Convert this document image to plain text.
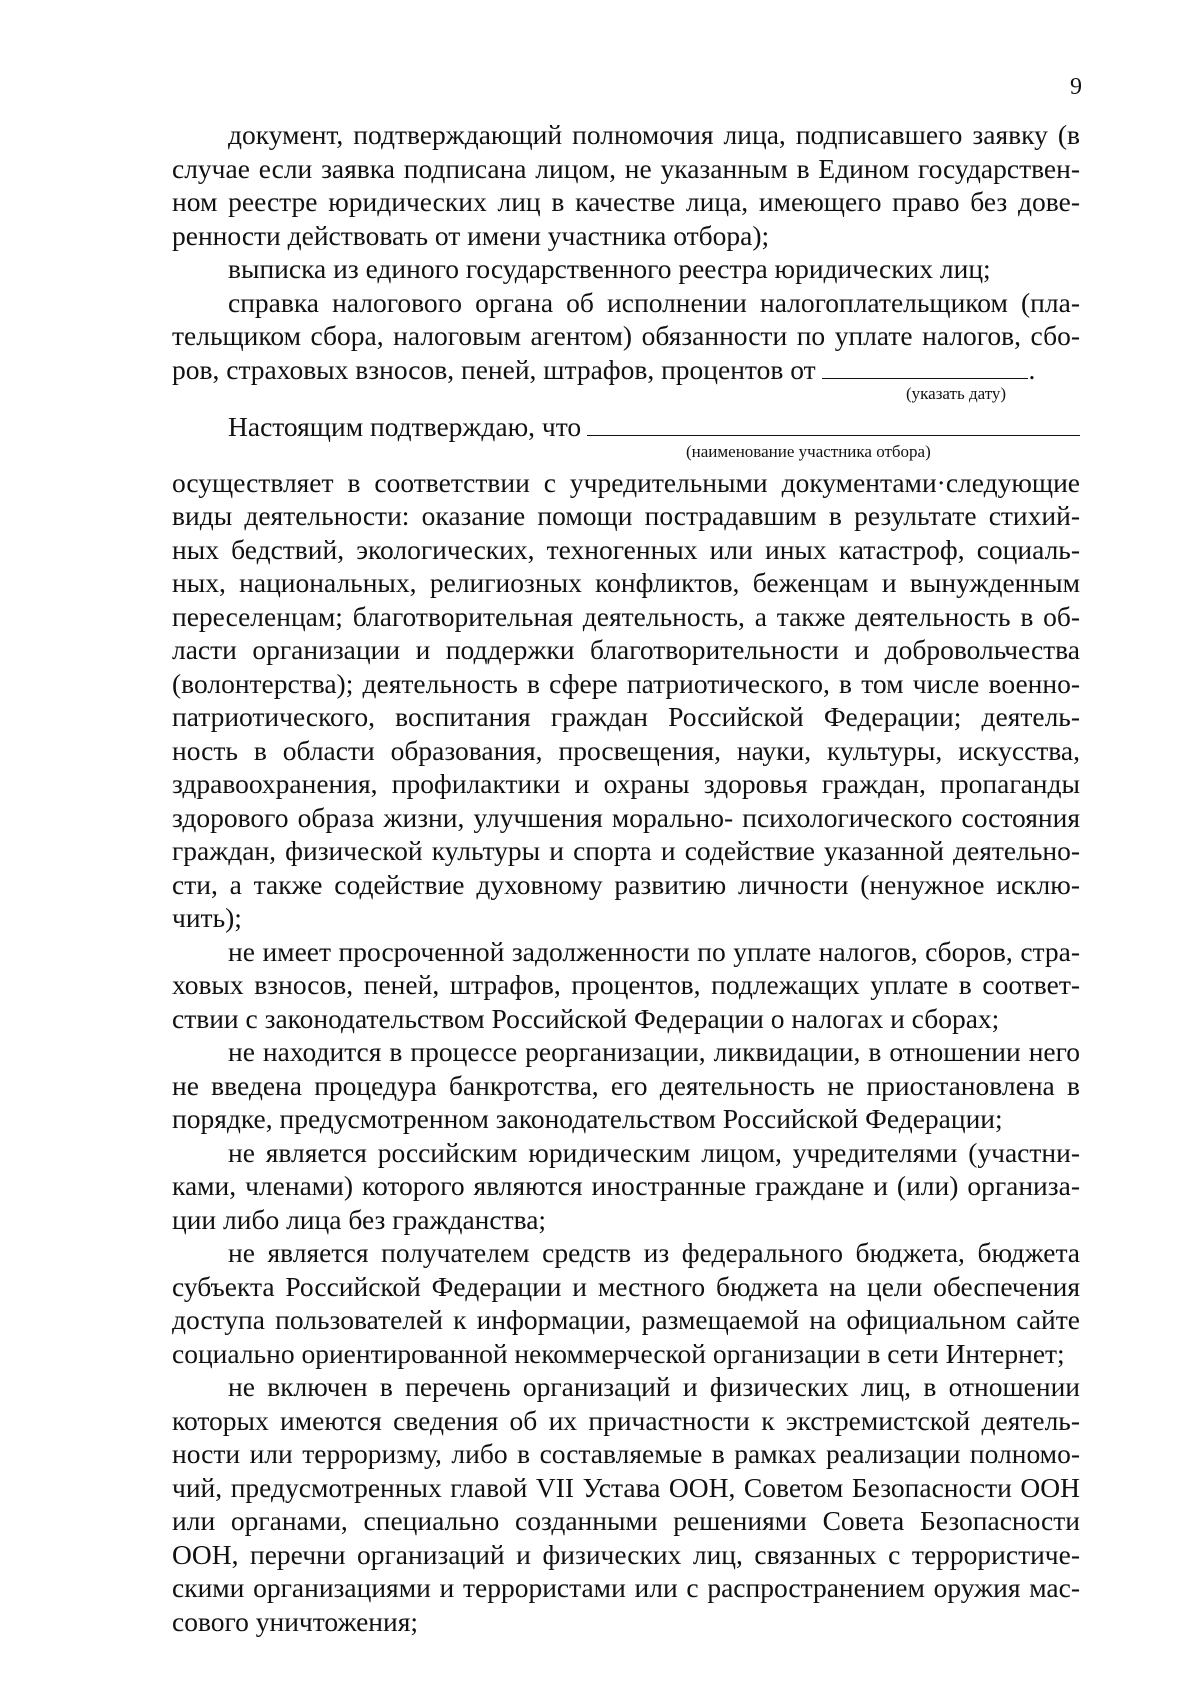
9
документ, подтверждающий полномочия лица, подписавшего заявку (в
случае если заявка подписана лицом, не указанным в Едином государствен-
ном реестре юридических лиц в качестве лица, имеющего право без дове-
ренности действовать от имени участника отбора);
выписка из единого государственного реестра юридических лиц;
справка налогового органа об исполнении налогоплательщиком (пла-
тельщиком сбора, налоговым агентом) обязанности по уплате налогов, сбо-
ров, страховых взносов, пеней, штрафов, процентов от	.
(указать дату)
Настоящим подтверждаю, что
(наименование участника отбора)
осуществляет в соответствии с учредительными документами·следующие
виды деятельности: оказание помощи пострадавшим в результате стихий-
ных бедствий, экологических, техногенных или иных катастроф, социаль-
ных, национальных, религиозных конфликтов, беженцам и вынужденным
переселенцам; благотворительная деятельность, а также деятельность в об-
ласти организации и поддержки благотворительности и добровольчества
(волонтерства); деятельность в сфере патриотического, в том числе военно-
патриотического, воспитания граждан Российской Федерации; деятель-
ность в области образования, просвещения, науки, культуры, искусства,
здравоохранения, профилактики и охраны здоровья граждан, пропаганды
здорового образа жизни, улучшения морально- психологического состояния
граждан, физической культуры и спорта и содействие указанной деятельно-
сти, а также содействие духовному развитию личности (ненужное исклю-
чить);
не имеет просроченной задолженности по уплате налогов, сборов, стра-
ховых взносов, пеней, штрафов, процентов, подлежащих уплате в соответ-
ствии с законодательством Российской Федерации о налогах и сборах;
не находится в процессе реорганизации, ликвидации, в отношении него
не введена процедура банкротства, его деятельность не приостановлена в
порядке, предусмотренном законодательством Российской Федерации;
не является российским юридическим лицом, учредителями (участни-
ками, членами) которого являются иностранные граждане и (или) организа-
ции либо лица без гражданства;
не является получателем средств из федерального бюджета, бюджета
субъекта Российской Федерации и местного бюджета на цели обеспечения
доступа пользователей к информации, размещаемой на официальном сайте
социально ориентированной некоммерческой организации в сети Интернет;
не включен в перечень организаций и физических лиц, в отношении
которых имеются сведения об их причастности к экстремистской деятель-
ности или терроризму, либо в составляемые в рамках реализации полномо-
чий, предусмотренных главой VII Устава ООН, Советом Безопасности ООН
или органами, специально созданными решениями Совета Безопасности
ООН, перечни организаций и физических лиц, связанных с террористиче-
скими организациями и террористами или с распространением оружия мас-
сового уничтожения;
